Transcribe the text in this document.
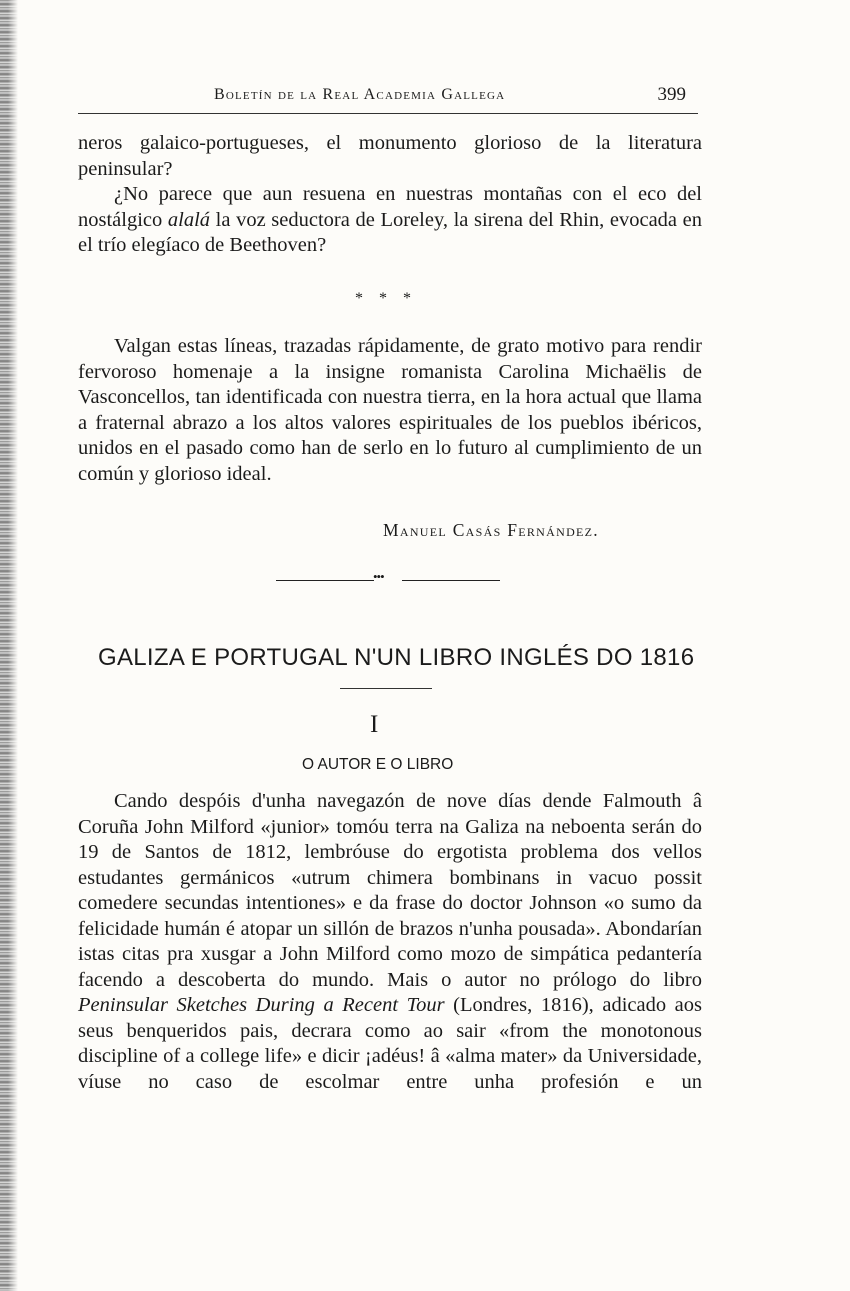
Boletín de la Real Academia Gallega	399

neros galaico-portugueses, el monumento glorioso de la literatura peninsular?

¿No parece que aun resuena en nuestras montañas con el eco del nostálgico alalá la voz seductora de Loreley, la sirena del Rhin, evocada en el trío elegíaco de Beethoven?

* * *

Valgan estas líneas, trazadas rápidamente, de grato motivo para rendir fervoroso homenaje a la insigne romanista Carolina Michaëlis de Vasconcellos, tan identificada con nuestra tierra, en la hora actual que llama a fraternal abrazo a los altos valores espirituales de los pueblos ibéricos, unidos en el pasado como han de serlo en lo futuro al cumplimiento de un común y glorioso ideal.

Manuel Casás Fernández.
•••
GALIZA E PORTUGAL N'UN LIBRO INGLÉS DO 1816
I
O AUTOR E O LIBRO

Cando despóis d'unha navegazón de nove días dende Falmouth â Coruña John Milford «junior» tomóu terra na Galiza na neboenta serán do 19 de Santos de 1812, lembróuse do ergotista problema dos vellos estudantes germánicos «utrum chimera bombinans in vacuo possit comedere secundas intentiones» e da frase do doctor Johnson «o sumo da felicidade humán é atopar un sillón de brazos n'unha pousada». Abondarían istas citas pra xusgar a John Milford como mozo de simpática pedantería facendo a descoberta do mundo. Mais o autor no prólogo do libro Peninsular Sketches During a Recent Tour (Londres, 1816), adicado aos seus benqueridos pais, decrara como ao sair «from the monotonous discipline of a college life» e dicir ¡adéus! â «alma mater» da Universidade, víuse no caso de escolmar entre unha profesión e un
